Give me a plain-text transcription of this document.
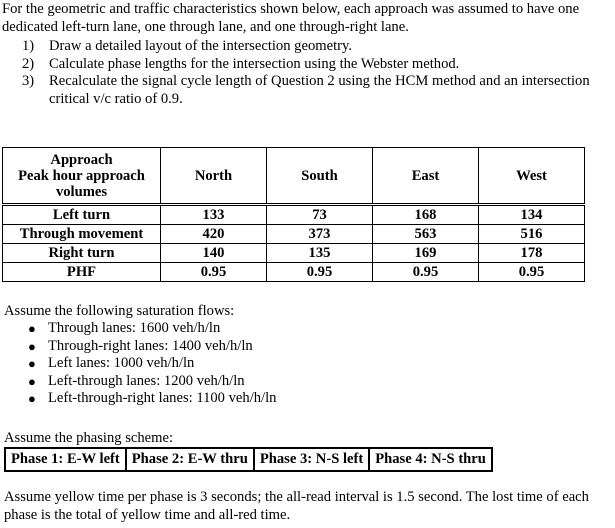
For the geometric and traffic characteristics shown below, each approach was assumed to have one dedicated left-turn lane, one through lane, and one through-right lane.
1)	Draw a detailed layout of the intersection geometry.
2)	Calculate phase lengths for the intersection using the Webster method.
3)	Recalculate the signal cycle length of Question 2 using the HCM method and an intersection critical v/c ratio of 0.9.
Approach
Peak hour approach
volumes	North	South	East	West
Left turn	133	73	168	134
Through movement	420	373	563	516
Right turn	140	135	169	178
PHF	0.95	0.95	0.95	0.95
Assume the following saturation flows:
● Through lanes: 1600 veh/h/ln
● Through-right lanes: 1400 veh/h/ln
● Left lanes: 1000 veh/h/ln
● Left-through lanes: 1200 veh/h/ln
● Left-through-right lanes: 1100 veh/h/ln
Assume the phasing scheme:
Phase 1: E-W left	Phase 2: E-W thru	Phase 3: N-S left	Phase 4: N-S thru
Assume yellow time per phase is 3 seconds; the all-read interval is 1.5 second. The lost time of each phase is the total of yellow time and all-red time.
